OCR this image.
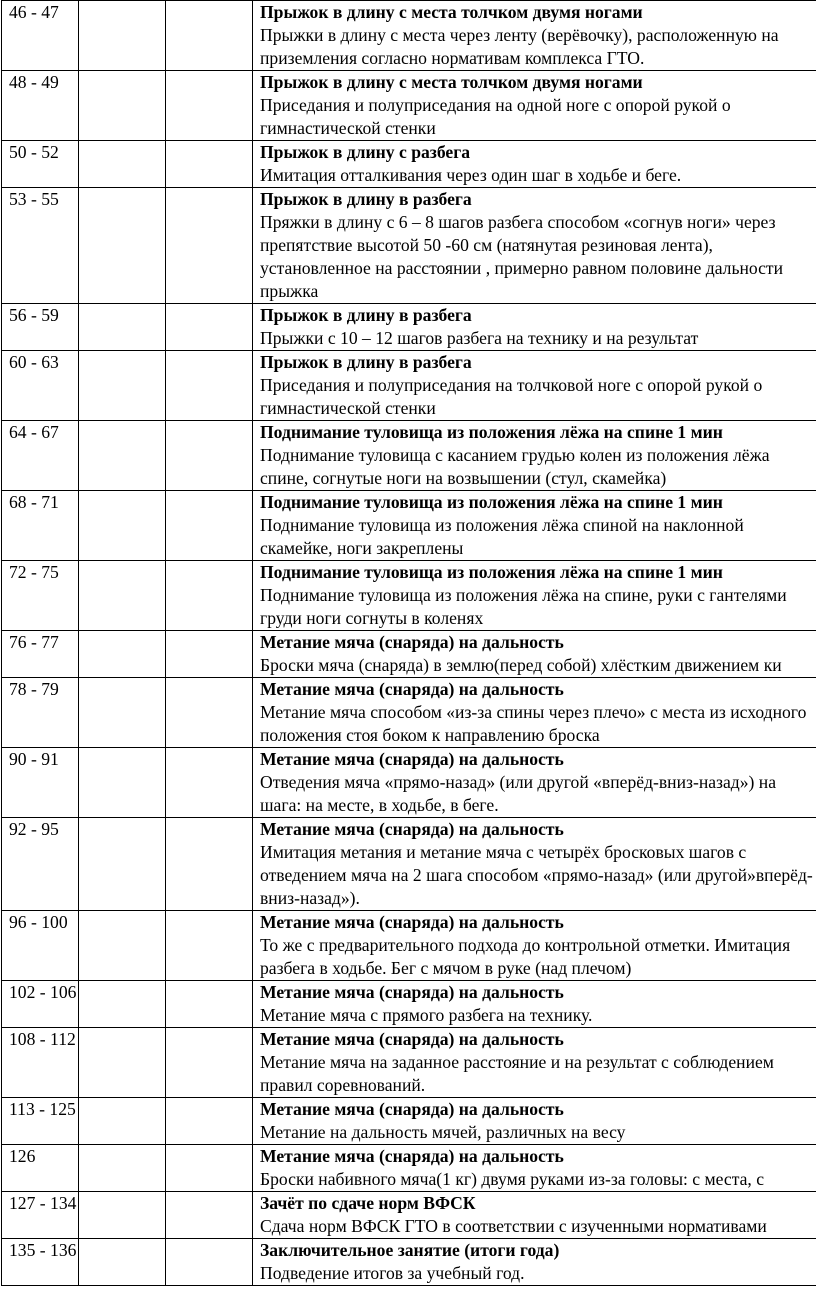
46 - 47			Прыжок в длину с места толчком двумя ногами
Прыжки в длину с места через ленту (верёвочку), расположенную на
приземления согласно нормативам комплекса ГТО.

48 - 49			Прыжок в длину с места толчком двумя ногами
Приседания и полуприседания на одной ноге с опорой рукой о
гимнастической стенки

50 - 52			Прыжок в длину с разбега
Имитация отталкивания через один шаг в ходьбе и беге.

53 - 55			Прыжок в длину в разбега
Пряжки в длину с 6 – 8 шагов разбега способом «согнув ноги» через
препятствие высотой 50 -60 см (натянутая резиновая лента),
установленное на расстоянии , примерно равном половине дальности
прыжка

56 - 59			Прыжок в длину в разбега
Прыжки с 10 – 12 шагов разбега на технику и на результат

60 - 63			Прыжок в длину в разбега
Приседания и полуприседания на толчковой ноге с опорой рукой о
гимнастической стенки

64 - 67			Поднимание туловища из положения лёжа на спине 1 мин
Поднимание туловища с касанием грудью колен из положения лёжа
спине, согнутые ноги на возвышении (стул, скамейка)

68 - 71			Поднимание туловища из положения лёжа на спине 1 мин
Поднимание туловища из положения лёжа спиной на наклонной
скамейке, ноги закреплены

72 - 75			Поднимание туловища из положения лёжа на спине 1 мин
Поднимание туловища из положения лёжа на спине, руки с гантелями
груди ноги согнуты в коленях

76 - 77			Метание мяча (снаряда) на дальность
Броски мяча (снаряда) в землю(перед собой) хлёстким движением ки

78 - 79			Метание мяча (снаряда) на дальность
Метание мяча способом «из-за спины через плечо» с места из исходного
положения стоя боком к направлению броска

90 - 91			Метание мяча (снаряда) на дальность
Отведения мяча «прямо-назад» (или другой «вперёд-вниз-назад») на
шага: на месте, в ходьбе, в беге.

92 - 95			Метание мяча (снаряда) на дальность
Имитация метания и метание мяча с четырёх бросковых шагов с
отведением мяча на 2 шага способом «прямо-назад» (или другой»вперёд-
вниз-назад»).

96 - 100			Метание мяча (снаряда) на дальность
То же с предварительного подхода до контрольной отметки. Имитация
разбега в ходьбе. Бег с мячом в руке (над плечом)

102 - 106			Метание мяча (снаряда) на дальность
Метание мяча с прямого разбега на технику.

108 - 112			Метание мяча (снаряда) на дальность
Метание мяча на заданное расстояние и на результат с соблюдением
правил соревнований.

113 - 125			Метание мяча (снаряда) на дальность
Метание на дальность мячей, различных на весу

126			Метание мяча (снаряда) на дальность
Броски набивного мяча(1 кг) двумя руками из-за головы: с места, с

127 - 134			Зачёт по сдаче норм ВФСК
Сдача норм ВФСК ГТО в соответствии с изученными нормативами

135 - 136			Заключительное занятие (итоги года)
Подведение итогов за учебный год.
